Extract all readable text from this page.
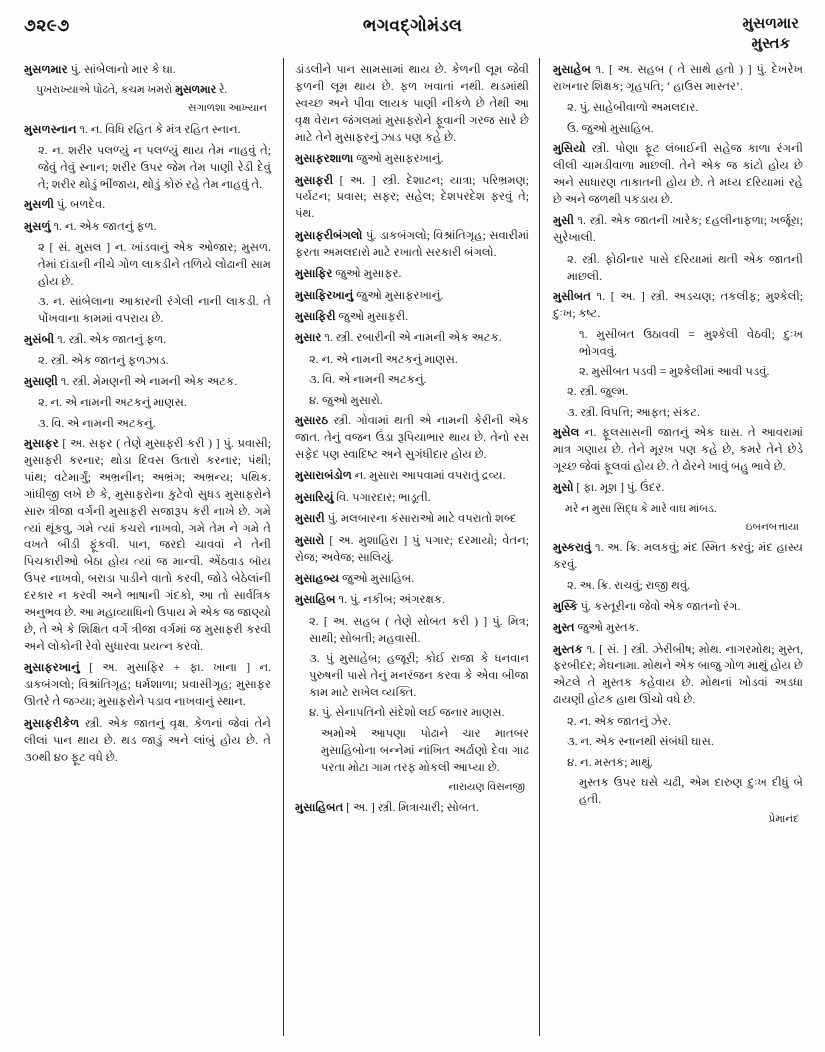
૭૨૯૭	ભગવદ્ગોમંડલ	મુસળમાર
મુસ્તક

મુસળમાર પું. સાંબેલાનો માર કે ઘા.

પુખરાખ્યાએ પોઢતે, કચમ ખમરો મુસળમાર રે.

સગાળશા આખ્યાન

મુસળસ્નાન ૧. ન. વિધિ રહિત કે મંત્ર રહિત સ્નાન.

૨. ન. શરીર પલળ્યું ન પલળ્યું થાય તેમ નાહવું તે; જેવું તેવું સ્નાન; શરીર ઉપર જેમ તેમ પાણી રેડી દેવું તે; શરીર થોડું ભીંજાય, થોડું કોરું રહે તેમ નાહવું તે.

મુસળી પું. બળદેવ.

મુસળું ૧. ન. એક જાતનું ફળ.

૨ [ સં. મુસલ ] ન. ખાંડવાનું એક ઓજાર; મુસળ. તેમાં દાંડાની નીચે ગોળ લાકડીને તળિયે લોઢાની સામ હોય છે.

૩. ન. સાંબેલાના આકારની રંગેલી નાની લાકડી. તે પોંખવાના કામમાં વપરાય છે.

મુસંબી ૧. સ્ત્રી. એક જાતનું ફળ.

૨. સ્ત્રી. એક જાતનું ફળઝાડ.

મુસાણી ૧. સ્ત્રી. મેમણની એ નામની એક અટક.

૨. ન. એ નામની અટકનું માણસ.

૩. વિ. એ નામની અટકનું.

મુસાફર [ અ. સફર ( તેણે મુસાફરી કરી ) ] પું. પ્રવાસી; મુસાફરી કરનાર; થોડા દિવસ ઉતારો કરનાર; પંથી; પાંથ; વટેમાર્ગું; અભ્રનીન; અભ્રંગ; અભ્રન્ય; પથિક. ગાંધીજી લખે છે કે, મુસાફરોના કુટેવો સુધડ મુસાફરોને સારુ ત્રીજા વર્ગની મુસાફરી સજારૂપ કરી નાખે છે. ગમે ત્યાં થૂંકવુ, ગમે ત્યાં કચરો નાખવો, ગમે તેમ ને ગમે તે વખતે બીડી ફૂંકવી. પાન, જરદો ચાવવાં ને તેની પિચકારીઓ બેઠા હોય ત્યાં જ માન્વી. એંઠવાડ બૉય ઉપર નાખવો, બરાડા પાડીને વાતો કરવી, જોડે બેઠેલાંની દરકાર ન કરવી અને ભાષાની ગંદકો, આ તો સાર્વત્રિક અનુભવ છે. આ મહાવ્યાધિનો ઉપાય મે એક જ જાણ્યો છે, તે એ કે શિક્ષિત વર્ગે ત્રીજા વર્ગમાં જ મુસાફરી કરવી અને લોકોની રેવો સુધારવા પ્રયત્ન કરવો.

મુસાફરખાનું [ અ. મુસાફિર + ફા. ખાના ] ન. ડાકબંગલો; વિશ્રાંતિગૃહ; ધર્મશાળા; પ્રવાસીગૃહ; મુસાફર ઊતરે તે જગ્યા; મુસાફરોને પડાવ નાખવાનું સ્થાન.

મુસાફરીકેળ સ્ત્રી. એક જાતનું વૃક્ષ. કેળનાં જેવાં તેને લીલાં પાન થાય છે. થડ જાડું અને લાંબું હોય છે. તે ૩૦થી ૪૦ ફૂટ વધે છે.

ડાંડલીને પાન સામસામાં થાય છે. કેળની લૂમ જેવી ફળની લૂમ થાય છે. ફળ ખવાતાં નથી. થડમાંથી સ્વચ્છ અને પીવા લાયક પાણી નીકળે છે તેથી આ વૃક્ષ વેરાન જંગલમાં મુસાફરોને ફૂવાની ગરજ સારે છે માટે તેને મુસાફરનું ઝાડ પણ કહે છે.

મુસાફરશાળા જુઓ મુસાફરખાનું.

મુસાફરી [ અ. ] સ્ત્રી. દેશાટન; યાત્રા; પરિભ્રમણ; પર્યટન; પ્રવાસ; સફર; સહેલ; દેશપરદેશ ફરવું તે; પંથ.

મુસાફરીબંગલો પું. ડાકબંગલો; વિશ્રાંતિગૃહ; સવારીમાં ફરતા અમલદારો માટે રખાતો સરકારી બંગલો.

મુસાફિર જુઓ મુસાફર.

મુસાફિરખાનું જુઓ મુસાફરખાનું.

મુસાફિરી જુઓ મુસાફરી.

મુસાર ૧. સ્ત્રી. રબારીની એ નામની એક અટક.

૨. ન. એ નામની અટકનું માણસ.

૩. વિ. એ નામની અટકનું.

૪. જુઓ મુસારો.

મુસારઠ સ્ત્રી. ગોવામાં થતી એ નામની કેરીની એક જાત. તેનું વજન ઉંડા રૂપિયાભાર થાય છે. તેનો રસ સફેદ પણ સ્વાદિષ્ટ અને સુગંધીદાર હોય છે.

મુસારાબંડોળ ન. મુસારા આપવામાં વપરાતું દ્રવ્ય.

મુસારિયું વિ. પગારદાર; ભાડૂતી.

મુસારી પું. મલબારના કંસારાઓ માટે વપરાતો શબ્દ

મુસારો [ અ. મુશાહિરા ] પું પગાર; દરમાયો; વેતન; રોજ; અવેજ; સાલિયું.

મુસાહબ્ય જુઓ મુસાહિબ.

મુસાહિબ ૧. પું. નકીબ; અંગરક્ષક.

૨. [ અ. સહબ ( તેણે સોબત કરી ) ] પું. મિત્ર; સાથી; સોબતી; મહવાસી.

૩. પું મુસાહેબ; હજૂરી; કોઈ રાજા કે ધનવાન પુરુષની પાસે તેનું મનરંજન કરવા કે એવા બીજા કામ માટે રાખેલ વ્યક્તિ.

૪. પું. સેનાપતિનો સંદેશો લઈ જનાર માણસ.

અમોએ આપણા પોઢાને ચાર માતબર મુસાહિબોના બન્નેમાં નાંખિત અર્ઢાણો દેવા ગાઢ પરતા મોટા ગામ તરફ મોકલી આપ્યા છે.

નારાયણ વિસનજી

મુસાહિબત [ અ. ] સ્ત્રી. મિત્રાચારી; સોબત.

મુસાહેબ ૧. [ અ. સહબ ( તે સાથે હતો ) ] પું. દેખરેખ રાખનાર શિક્ષક; ગૃહપતિ; ‘ હાઉસ માસ્તર’.

૨. પું. સાહેબીવાળો અમલદાર.

ઉ. જુઓ મુસાહિબ.

મુસિયો સ્ત્રી. પોણા ફૂટ લંબાઈની સહેજ કાળા રંગની લીલી ચામડીવાળા માછલી. તેને એક જ કાંટો હોય છે અને સાધારણ તાકાતની હોય છે. તે મધ્ય દરિયામાં રહે છે અને જળથી પકડાય છે.

મુસી ૧. સ્ત્રી. એક જાતની ખારેક; દહલીનાફળા; ખર્જૂરા; સુરેખાલી.

૨. સ્ત્રી. ફોઠીનાર પાસે દરિયામાં થતી એક જાતની માછલી.

મુસીબત ૧. [ અ. ] સ્ત્રી. અડચણ; તકલીફ; મુશ્કેલી; દુઃખ; કષ્ટ.

૧. મુસીબત ઉઠાવવી = મુશ્કેલી વેઠવી; દુઃખ ભોગવવું.

૨. મુસીબત પડવી = મુશ્કેલીમાં આવી પડવું.

૨. સ્ત્રી. જુલ્મ.

૩. સ્ત્રી. વિપત્તિ; આફત; સંકટ.

મુસેલ ન. ફૂલસાસની જાતનું એક ઘાસ. તે આવરામાં માત્ર ગણાય છે. તેને મૂરખ પણ કહે છે, કમરે તેને છેડે ગૂચ્છ જેવાં ફૂલવાં હોય છે. તે ઢોરને ખાવું બહુ ભાવે છે.

મુસો [ ફા. મૂશ ] પું. ઉંદર.

મરે ન મુસા સિદ્ધ કે મારે વાઘ માંબડ.

ઇબનબત્તાયા

મુસ્કરાવું ૧. અ. ક્રિ. મલકવું; મંદ સ્મિત કરવું; મંદ હાસ્ય કરવું.

૨. અ. ક્રિ. રાચવું; રાજી થવું.

મુસ્કિ પું. કસ્તૂરીના જેવો એક જાતનો રંગ.

મુસ્ત જુઓ મુસ્તક.

મુસ્તક ૧. [ સં. ] સ્ત્રી. ઝેરીબીષ; મોથ. નાગરમોથ; મુસ્ત, ફરબીદર; મેઘનામા. મોથને એક બાજુ ગોળ માથું હોય છે એટલે તે મુસ્તક કહેવાય છે. મોથનાં ખોડવાં અડધા ઢાયણી હોટક હાથ ઊંચો વધે છે.

૨. ન. એક જાતનું ઝેર.

૩. ન. એક સ્નાનથી સંબંધી ઘાસ.

૪. ન. મસ્તક; માથું.

મુસ્તક ઉપર ઘસે ચઢી, એમ દારુણ દુઃખ દીધું બે હતી.

પ્રેમાનંદ
